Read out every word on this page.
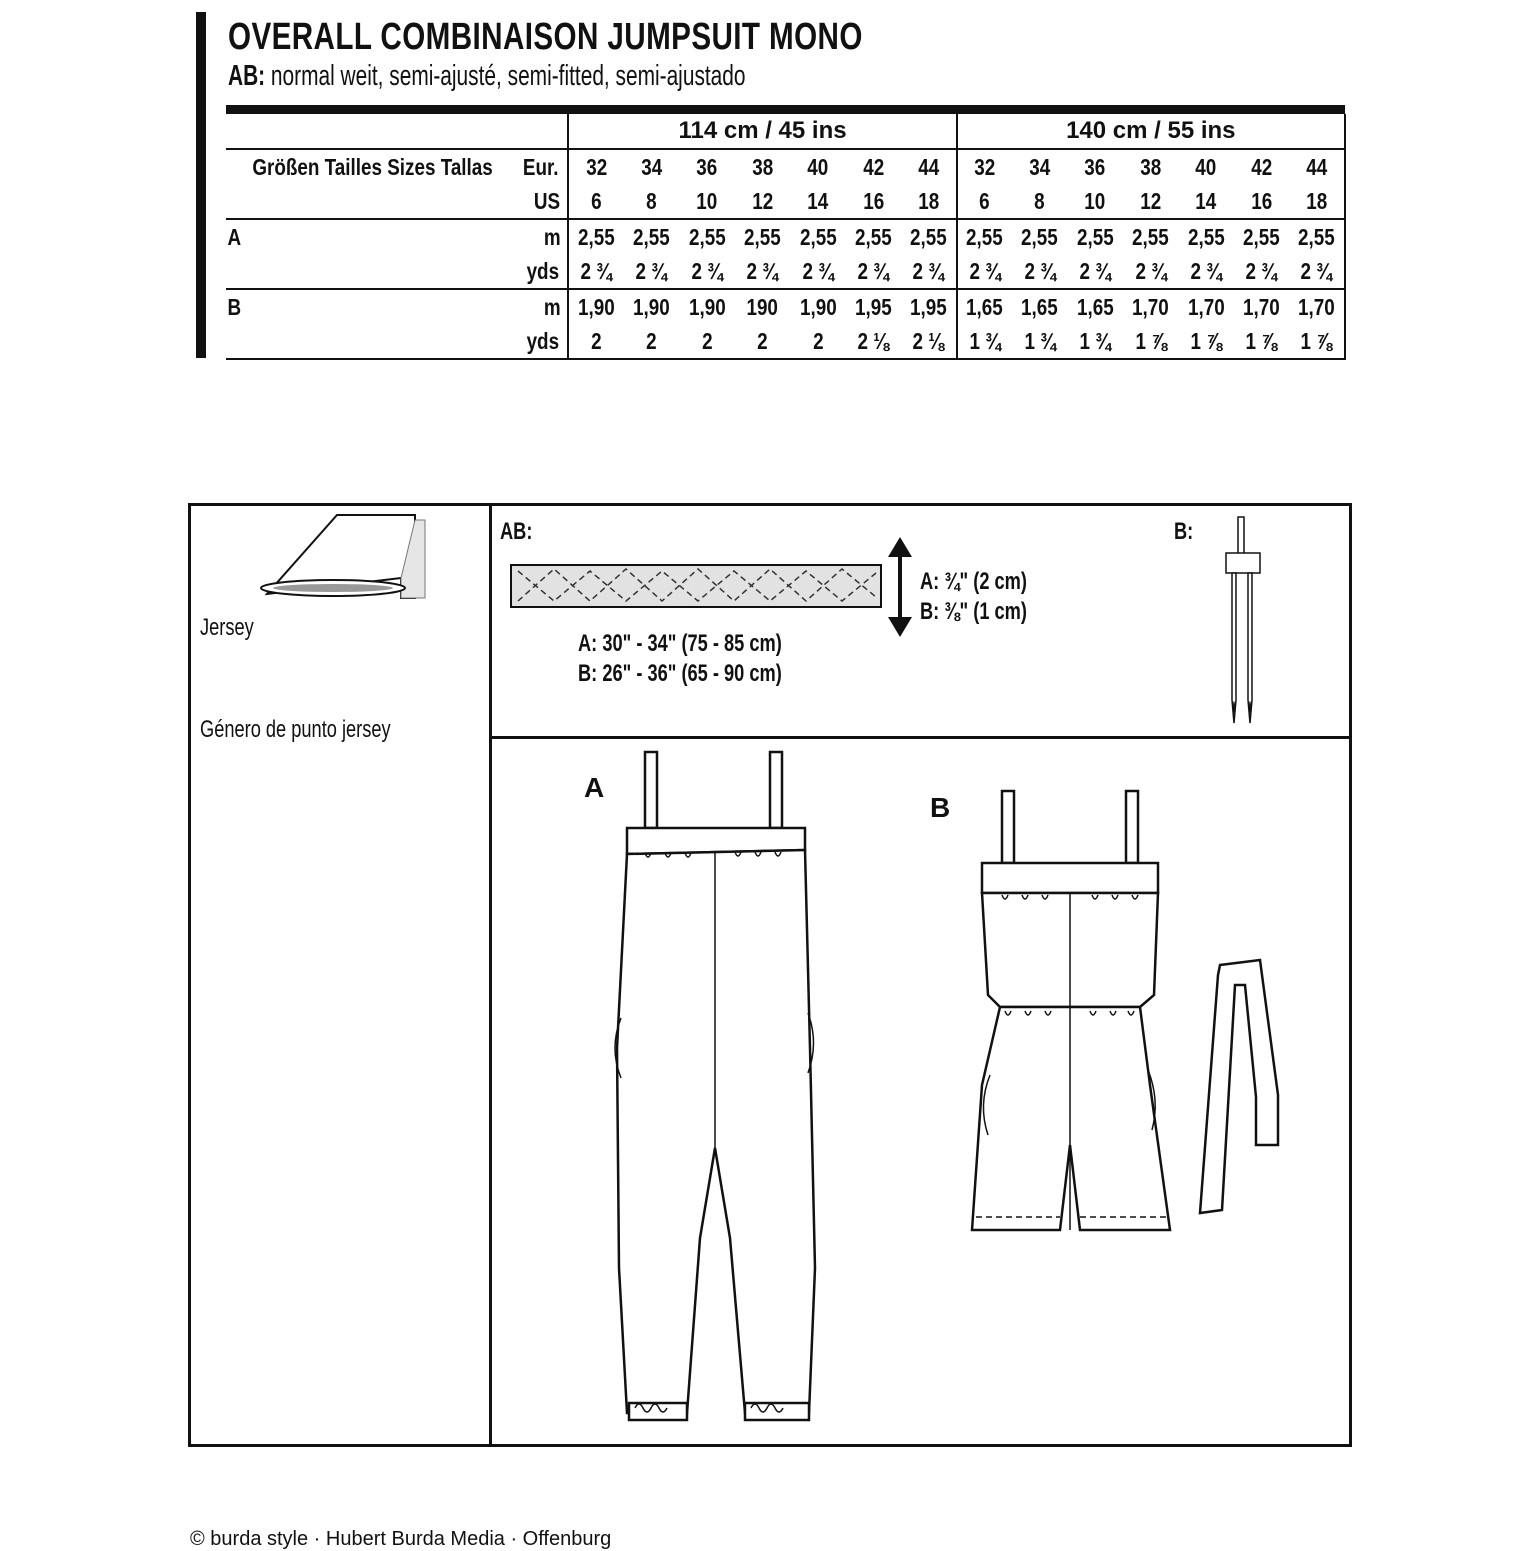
OVERALL COMBINAISON JUMPSUIT MONO
AB: normal weit, semi-ajusté, semi-fitted, semi-ajustado

		114 cm / 45 ins							140 cm / 55 ins						
Größen Tailles Sizes Tallas	Eur.	32	34	36	38	40	42	44	32	34	36	38	40	42	44
	US	6	8	10	12	14	16	18	6	8	10	12	14	16	18
A	m	2,55	2,55	2,55	2,55	2,55	2,55	2,55	2,55	2,55	2,55	2,55	2,55	2,55	2,55
	yds	2 ¾	2 ¾	2 ¾	2 ¾	2 ¾	2 ¾	2 ¾	2 ¾	2 ¾	2 ¾	2 ¾	2 ¾	2 ¾	2 ¾
B	m	1,90	1,90	1,90	190	1,90	1,95	1,95	1,65	1,65	1,65	1,70	1,70	1,70	1,70
	yds	2	2	2	2	2	2 ⅛	2 ⅛	1 ¾	1 ¾	1 ¾	1 ⅞	1 ⅞	1 ⅞	1 ⅞
Jersey
Género de punto jersey
AB:
A: ¾" (2 cm)
B: ⅜" (1 cm)
A: 30" - 34" (75 - 85 cm)
B: 26" - 36" (65 - 90 cm)
B:
A
B
© burda style · Hubert Burda Media · Offenburg
